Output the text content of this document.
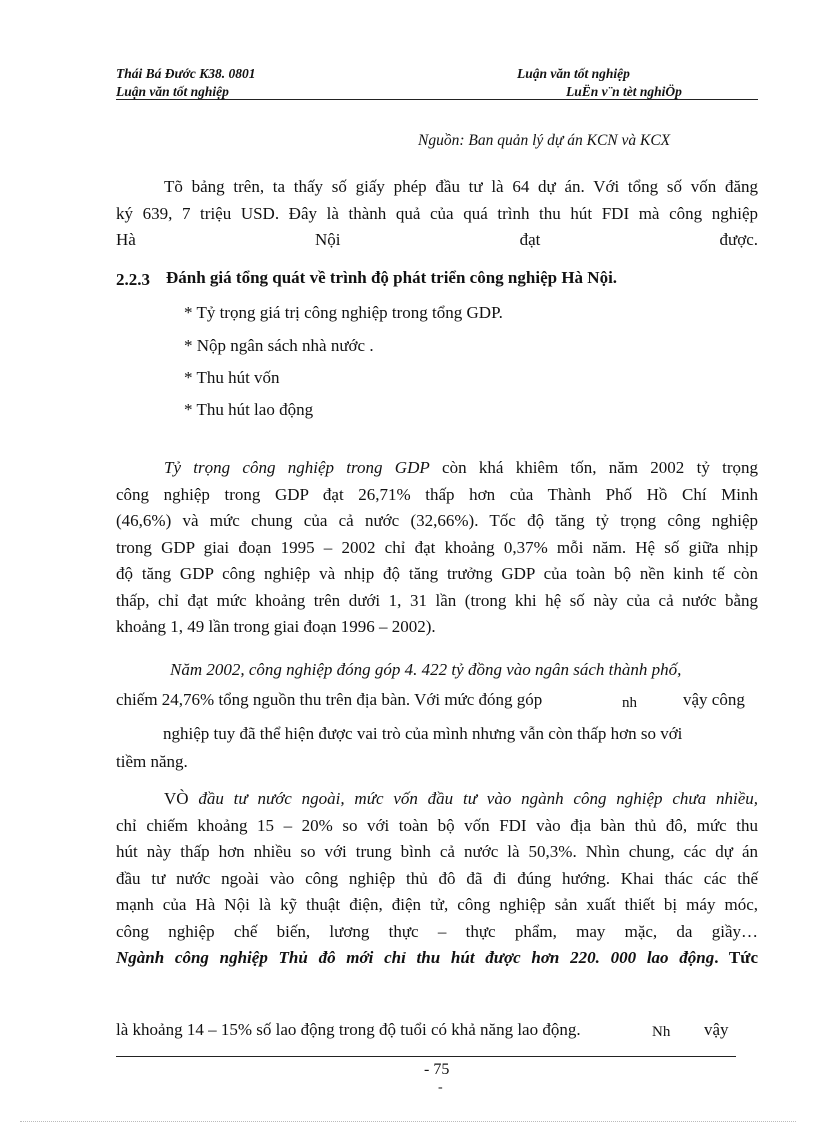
Thái Bá Đước K38. 0801	Luận văn tốt nghiệp
Luận văn tốt nghiệp	LuËn v¨n tèt nghiÖp
Nguồn: Ban quản lý dự án KCN và KCX
Tõ bảng trên, ta thấy số giấy phép đầu tư là 64 dự án. Với tổng số vốn đăng
ký 639, 7 triệu USD. Đây là thành quả của quá trình thu hút FDI mà công nghiệp
Hà Nội đạt được.
2.2.3 Đánh giá tổng quát về trình độ phát triển công nghiệp Hà Nội.
* Tỷ trọng giá trị công nghiệp trong tổng GDP.
* Nộp ngân sách nhà nước .
* Thu hút vốn
* Thu hút lao động
Tỷ trọng công nghiệp trong GDP còn khá khiêm tốn, năm 2002 tỷ trọng
công nghiệp trong GDP đạt 26,71% thấp hơn của Thành Phố Hồ Chí Minh
(46,6%) và mức chung của cả nước (32,66%). Tốc độ tăng tỷ trọng công nghiệp
trong GDP giai đoạn 1995 – 2002 chỉ đạt khoảng 0,37% mỗi năm. Hệ số giữa nhịp
độ tăng GDP công nghiệp và nhịp độ tăng trưởng GDP của toàn bộ nền kinh tế còn
thấp, chỉ đạt mức khoảng trên dưới 1, 31 lần (trong khi hệ số này của cả nước bằng
khoảng 1, 49 lần trong giai đoạn 1996 – 2002).
Năm 2002, công nghiệp đóng góp 4. 422 tỷ đồng vào ngân sách thành phố,
chiếm 24,76% tổng nguồn thu trên địa bàn. Với mức đóng góp	nh	vậy công
nghiệp tuy đã thể hiện được vai trò của mình nhưng vẫn còn thấp hơn so với
tiềm năng.
VÒ đầu tư nước ngoài, mức vốn đầu tư vào ngành công nghiệp chưa nhiều,
chỉ chiếm khoảng 15 – 20% so với toàn bộ vốn FDI vào địa bàn thủ đô, mức thu
hút này thấp hơn nhiều so với trung bình cả nước là 50,3%. Nhìn chung, các dự án
đầu tư nước ngoài vào công nghiệp thủ đô đã đi đúng hướng. Khai thác các thế
mạnh của Hà Nội là kỹ thuật điện, điện tử, công nghiệp sản xuất thiết bị máy móc,
công nghiệp chế biến, lương thực – thực phẩm, may mặc, da giầy…
Ngành công nghiệp Thủ đô mới chỉ thu hút được hơn 220. 000 lao động. Tức
là khoảng 14 – 15% số lao động trong độ tuổi có khả năng lao động.	Nh vậy
- 75
-
